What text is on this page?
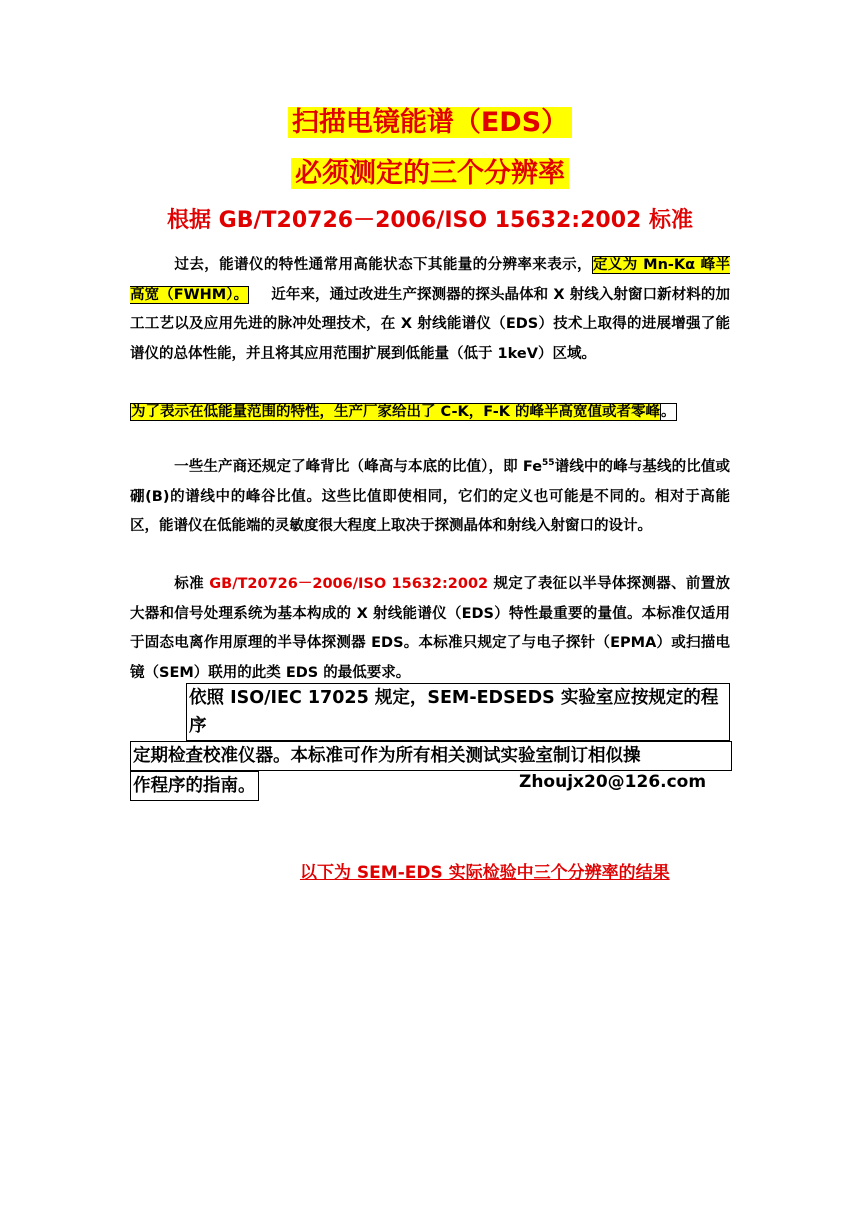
扫描电镜能谱（EDS）
必须测定的三个分辨率
根据 GB/T20726－2006/ISO 15632:2002 标准
过去，能谱仪的特性通常用高能状态下其能量的分辨率来表示，定义为 Mn-Kα 峰半高宽（FWHM）。 近年来，通过改进生产探测器的探头晶体和 X 射线入射窗口新材料的加工工艺以及应用先进的脉冲处理技术，在 X 射线能谱仪（EDS）技术上取得的进展增强了能谱仪的总体性能，并且将其应用范围扩展到低能量（低于 1keV）区域。
为了表示在低能量范围的特性，生产厂家给出了 C-K，F-K 的峰半高宽值或者零峰。
一些生产商还规定了峰背比（峰高与本底的比值），即 Fe$^{55}$谱线中的峰与基线的比值或硼(B)的谱线中的峰谷比值。这些比值即使相同，它们的定义也可能是不同的。相对于高能区，能谱仪在低能端的灵敏度很大程度上取决于探测晶体和射线入射窗口的设计。
标准 GB/T20726－2006/ISO 15632:2002 规定了表征以半导体探测器、前置放大器和信号处理系统为基本构成的 X 射线能谱仪（EDS）特性最重要的量值。本标准仅适用于固态电离作用原理的半导体探测器 EDS。本标准只规定了与电子探针（EPMA）或扫描电镜（SEM）联用的此类 EDS 的最低要求。
依照 ISO/IEC 17025 规定，SEM-EDSEDS 实验室应按规定的程序
定期检查校准仪器。本标准可作为所有相关测试实验室制订相似操
作程序的指南。	Zhoujx20@126.com
以下为 SEM-EDS 实际检验中三个分辨率的结果
